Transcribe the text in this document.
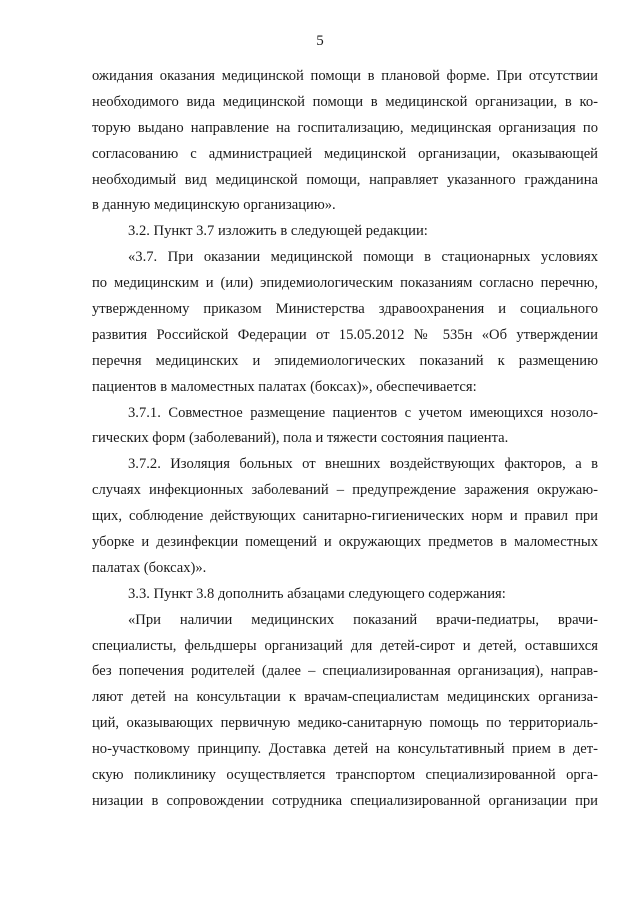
5
ожидания оказания медицинской помощи в плановой форме. При отсутствии
необходимого вида медицинской помощи в медицинской организации, в ко-
торую выдано направление на госпитализацию, медицинская организация по
согласованию с администрацией медицинской организации, оказывающей
необходимый вид медицинской помощи, направляет указанного гражданина
в данную медицинскую организацию».
3.2. Пункт 3.7 изложить в следующей редакции:
«3.7. При оказании медицинской помощи в стационарных условиях
по медицинским и (или) эпидемиологическим показаниям согласно перечню,
утвержденному приказом Министерства здравоохранения и социального
развития Российской Федерации от 15.05.2012 № 535н «Об утверждении
перечня медицинских и эпидемиологических показаний к размещению
пациентов в маломестных палатах (боксах)», обеспечивается:
3.7.1. Совместное размещение пациентов с учетом имеющихся нозоло-
гических форм (заболеваний), пола и тяжести состояния пациента.
3.7.2. Изоляция больных от внешних воздействующих факторов, а в
случаях инфекционных заболеваний – предупреждение заражения окружаю-
щих, соблюдение действующих санитарно-гигиенических норм и правил при
уборке и дезинфекции помещений и окружающих предметов в маломестных
палатах (боксах)».
3.3. Пункт 3.8 дополнить абзацами следующего содержания:
«При наличии медицинских показаний врачи-педиатры, врачи-
специалисты, фельдшеры организаций для детей-сирот и детей, оставшихся
без попечения родителей (далее – специализированная организация), направ-
ляют детей на консультации к врачам-специалистам медицинских организа-
ций, оказывающих первичную медико-санитарную помощь по территориаль-
но-участковому принципу. Доставка детей на консультативный прием в дет-
скую поликлинику осуществляется транспортом специализированной орга-
низации в сопровождении сотрудника специализированной организации при
